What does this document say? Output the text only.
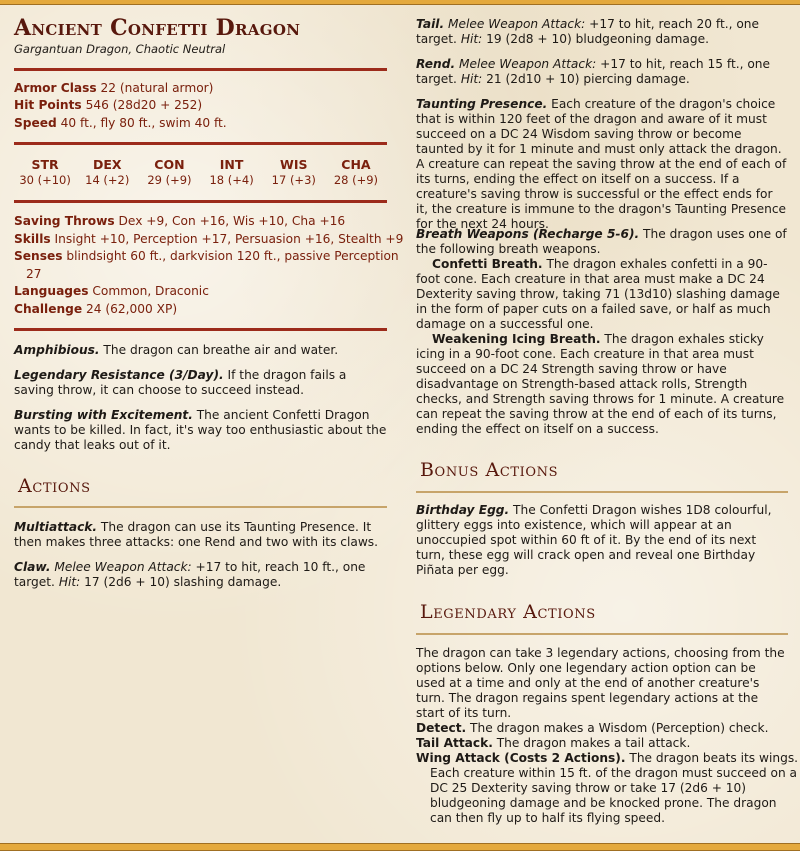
Ancient Confetti Dragon
Gargantuan Dragon, Chaotic Neutral
Armor Class 22 (natural armor)
Hit Points 546 (28d20 + 252)
Speed 40 ft., fly 80 ft., swim 40 ft.
STR
30 (+10)
DEX
14 (+2)
CON
29 (+9)
INT
18 (+4)
WIS
17 (+3)
CHA
28 (+9)
Saving Throws Dex +9, Con +16, Wis +10, Cha +16
Skills Insight +10, Perception +17, Persuasion +16, Stealth +9
Senses blindsight 60 ft., darkvision 120 ft., passive Perception
27
Languages Common, Draconic
Challenge 24 (62,000 XP)
Amphibious. The dragon can breathe air and water.
Legendary Resistance (3/Day). If the dragon fails a saving throw, it can choose to succeed instead.
Bursting with Excitement. The ancient Confetti Dragon wants to be killed. In fact, it's way too enthusiastic about the candy that leaks out of it.
Actions
Multiattack. The dragon can use its Taunting Presence. It then makes three attacks: one Rend and two with its claws.
Claw. Melee Weapon Attack: +17 to hit, reach 10 ft., one target. Hit: 17 (2d6 + 10) slashing damage.
Tail. Melee Weapon Attack: +17 to hit, reach 20 ft., one target. Hit: 19 (2d8 + 10) bludgeoning damage.
Rend. Melee Weapon Attack: +17 to hit, reach 15 ft., one target. Hit: 21 (2d10 + 10) piercing damage.
Taunting Presence. Each creature of the dragon's choice that is within 120 feet of the dragon and aware of it must succeed on a DC 24 Wisdom saving throw or become taunted by it for 1 minute and must only attack the dragon. A creature can repeat the saving throw at the end of each of its turns, ending the effect on itself on a success. If a creature's saving throw is successful or the effect ends for it, the creature is immune to the dragon's Taunting Presence for the next 24 hours.
Breath Weapons (Recharge 5-6). The dragon uses one of the following breath weapons.
Confetti Breath. The dragon exhales confetti in a 90-foot cone. Each creature in that area must make a DC 24 Dexterity saving throw, taking 71 (13d10) slashing damage in the form of paper cuts on a failed save, or half as much damage on a successful one.
Weakening Icing Breath. The dragon exhales sticky icing in a 90-foot cone. Each creature in that area must succeed on a DC 24 Strength saving throw or have disadvantage on Strength-based attack rolls, Strength checks, and Strength saving throws for 1 minute. A creature can repeat the saving throw at the end of each of its turns, ending the effect on itself on a success.
Bonus Actions
Birthday Egg. The Confetti Dragon wishes 1D8 colourful, glittery eggs into existence, which will appear at an unoccupied spot within 60 ft of it. By the end of its next turn, these egg will crack open and reveal one Birthday Piñata per egg.
Legendary Actions
The dragon can take 3 legendary actions, choosing from the options below. Only one legendary action option can be used at a time and only at the end of another creature's turn. The dragon regains spent legendary actions at the start of its turn.
Detect. The dragon makes a Wisdom (Perception) check.
Tail Attack. The dragon makes a tail attack.
Wing Attack (Costs 2 Actions). The dragon beats its wings. Each creature within 15 ft. of the dragon must succeed on a DC 25 Dexterity saving throw or take 17 (2d6 + 10) bludgeoning damage and be knocked prone. The dragon can then fly up to half its flying speed.
